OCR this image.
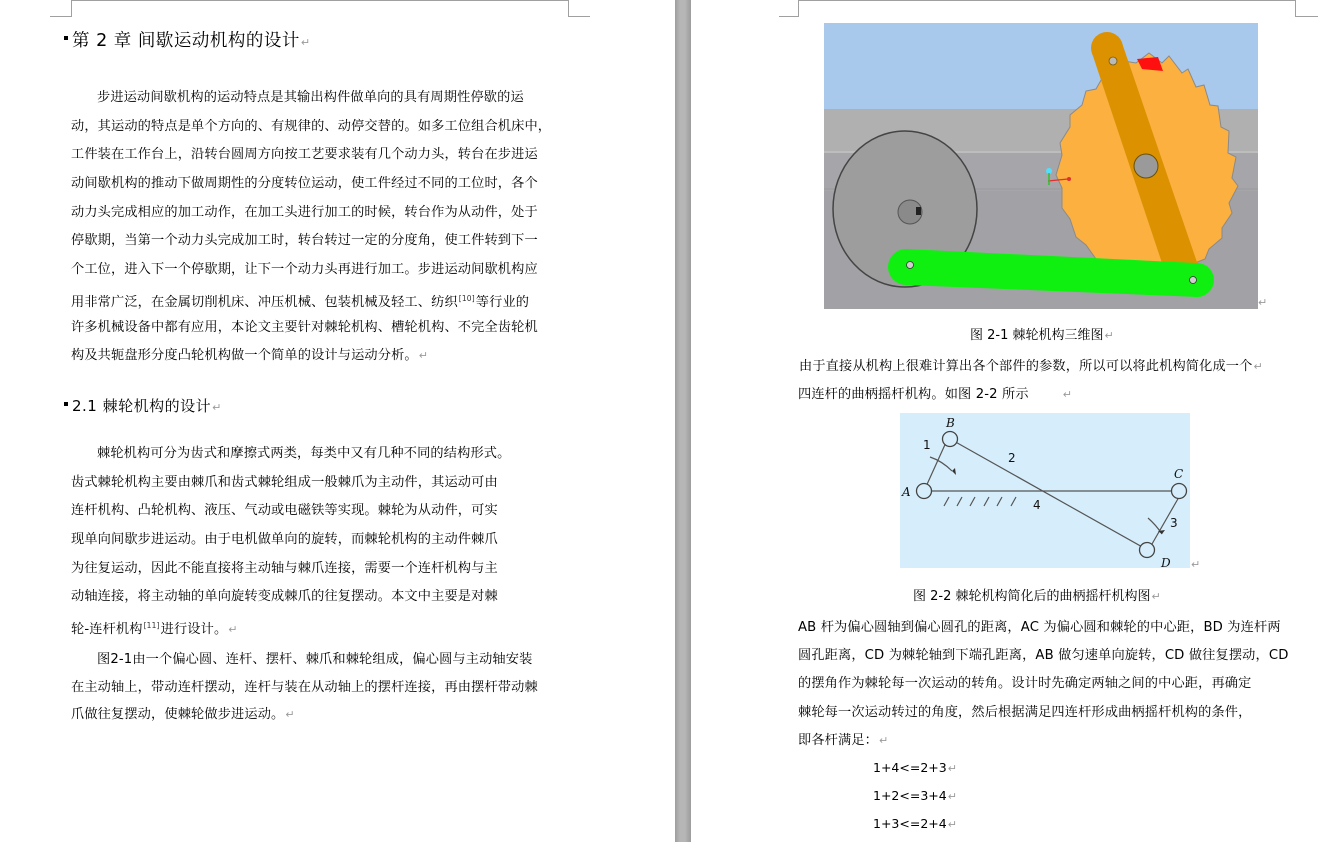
第 2 章 间歇运动机构的设计↵
步进运动间歇机构的运动特点是其输出构件做单向的具有周期性停歇的运
动，其运动的特点是单个方向的、有规律的、动停交替的。如多工位组合机床中，
工件装在工作台上，沿转台圆周方向按工艺要求装有几个动力头，转台在步进运
动间歇机构的推动下做周期性的分度转位运动，使工件经过不同的工位时，各个
动力头完成相应的加工动作，在加工头进行加工的时候，转台作为从动件，处于
停歇期，当第一个动力头完成加工时，转台转过一定的分度角，使工件转到下一
个工位，进入下一个停歇期，让下一个动力头再进行加工。步进运动间歇机构应
用非常广泛，在金属切削机床、冲压机械、包装机械及轻工、纺织[10]等行业的
许多机械设备中都有应用，本论文主要针对棘轮机构、槽轮机构、不完全齿轮机
构及共轭盘形分度凸轮机构做一个简单的设计与运动分析。↵
2.1 棘轮机构的设计↵
棘轮机构可分为齿式和摩擦式两类，每类中又有几种不同的结构形式。
齿式棘轮机构主要由棘爪和齿式棘轮组成一般棘爪为主动件，其运动可由
连杆机构、凸轮机构、液压、气动或电磁铁等实现。棘轮为从动件，可实
现单向间歇步进运动。由于电机做单向的旋转，而棘轮机构的主动件棘爪
为往复运动，因此不能直接将主动轴与棘爪连接，需要一个连杆机构与主
动轴连接，将主动轴的单向旋转变成棘爪的往复摆动。本文中主要是对棘
轮-连杆机构[11]进行设计。↵
图2-1由一个偏心圆、连杆、摆杆、棘爪和棘轮组成，偏心圆与主动轴安装
在主动轴上，带动连杆摆动，连杆与装在从动轴上的摆杆连接，再由摆杆带动棘
爪做往复摆动，使棘轮做步进运动。↵
↵
图 2-1 棘轮机构三维图↵
由于直接从机构上很难计算出各个部件的参数，所以可以将此机构简化成一个↵
四连杆的曲柄摇杆机构。如图 2-2 所示	↵
B
A
C
D
1
2
3
4
↵
图 2-2 棘轮机构简化后的曲柄摇杆机构图↵
AB 杆为偏心圆轴到偏心圆孔的距离，AC 为偏心圆和棘轮的中心距，BD 为连杆两
圆孔距离，CD 为棘轮轴到下端孔距离，AB 做匀速单向旋转，CD 做往复摆动，CD
的摆角作为棘轮每一次运动的转角。设计时先确定两轴之间的中心距，再确定
棘轮每一次运动转过的角度，然后根据满足四连杆形成曲柄摇杆机构的条件，
即各杆满足：↵
1+4<=2+3↵
1+2<=3+4↵
1+3<=2+4↵
